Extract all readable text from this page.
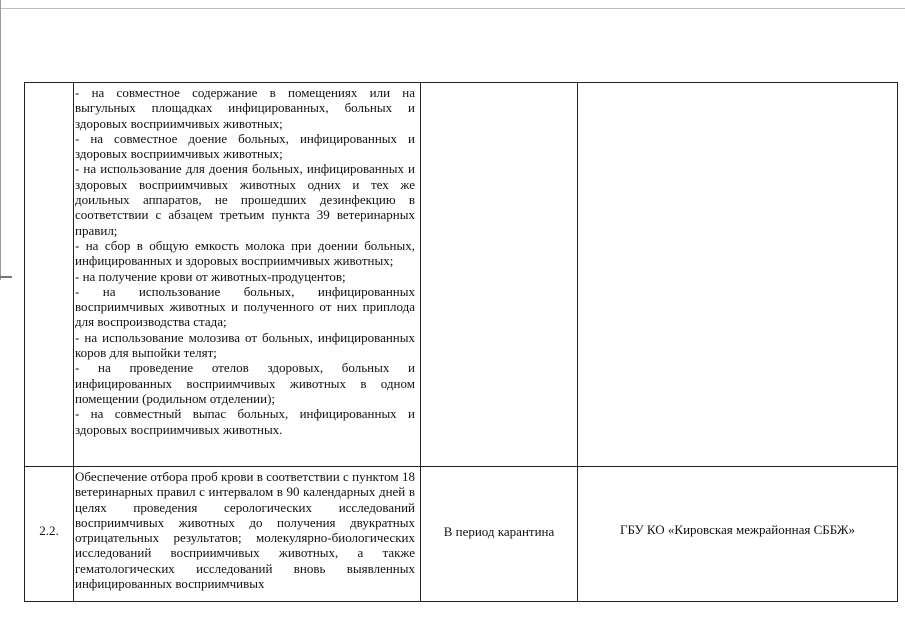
- на совместное содержание в помещениях или на выгульных площадках инфицированных, больных и здоровых восприимчивых животных;

- на совместное доение больных, инфицированных и здоровых восприимчивых животных;

- на использование для доения больных, инфицированных и здоровых восприимчивых животных одних и тех же доильных аппаратов, не прошедших дезинфекцию в соответствии с абзацем третьим пункта 39 ветеринарных правил;

- на сбор в общую емкость молока при доении больных, инфицированных и здоровых восприимчивых животных;

- на получение крови от животных-продуцентов;

- на использование больных, инфицированных восприимчивых животных и полученного от них приплода для воспроизводства стада;

- на использование молозива от больных, инфицированных коров для выпойки телят;

- на проведение отелов здоровых, больных и инфицированных восприимчивых животных в одном помещении (родильном отделении);

- на совместный выпас больных, инфицированных и здоровых восприимчивых животных.

2.2.

Обеспечение отбора проб крови в соответствии с пунктом 18 ветеринарных правил с интервалом в 90 календарных дней в целях проведения серологических исследований восприимчивых животных до получения двукратных отрицательных результатов; молекулярно-биологических исследований восприимчивых животных, а также гематологических исследований вновь выявленных инфицированных восприимчивых

В период карантина	ГБУ КО «Кировская межрайонная СББЖ»
